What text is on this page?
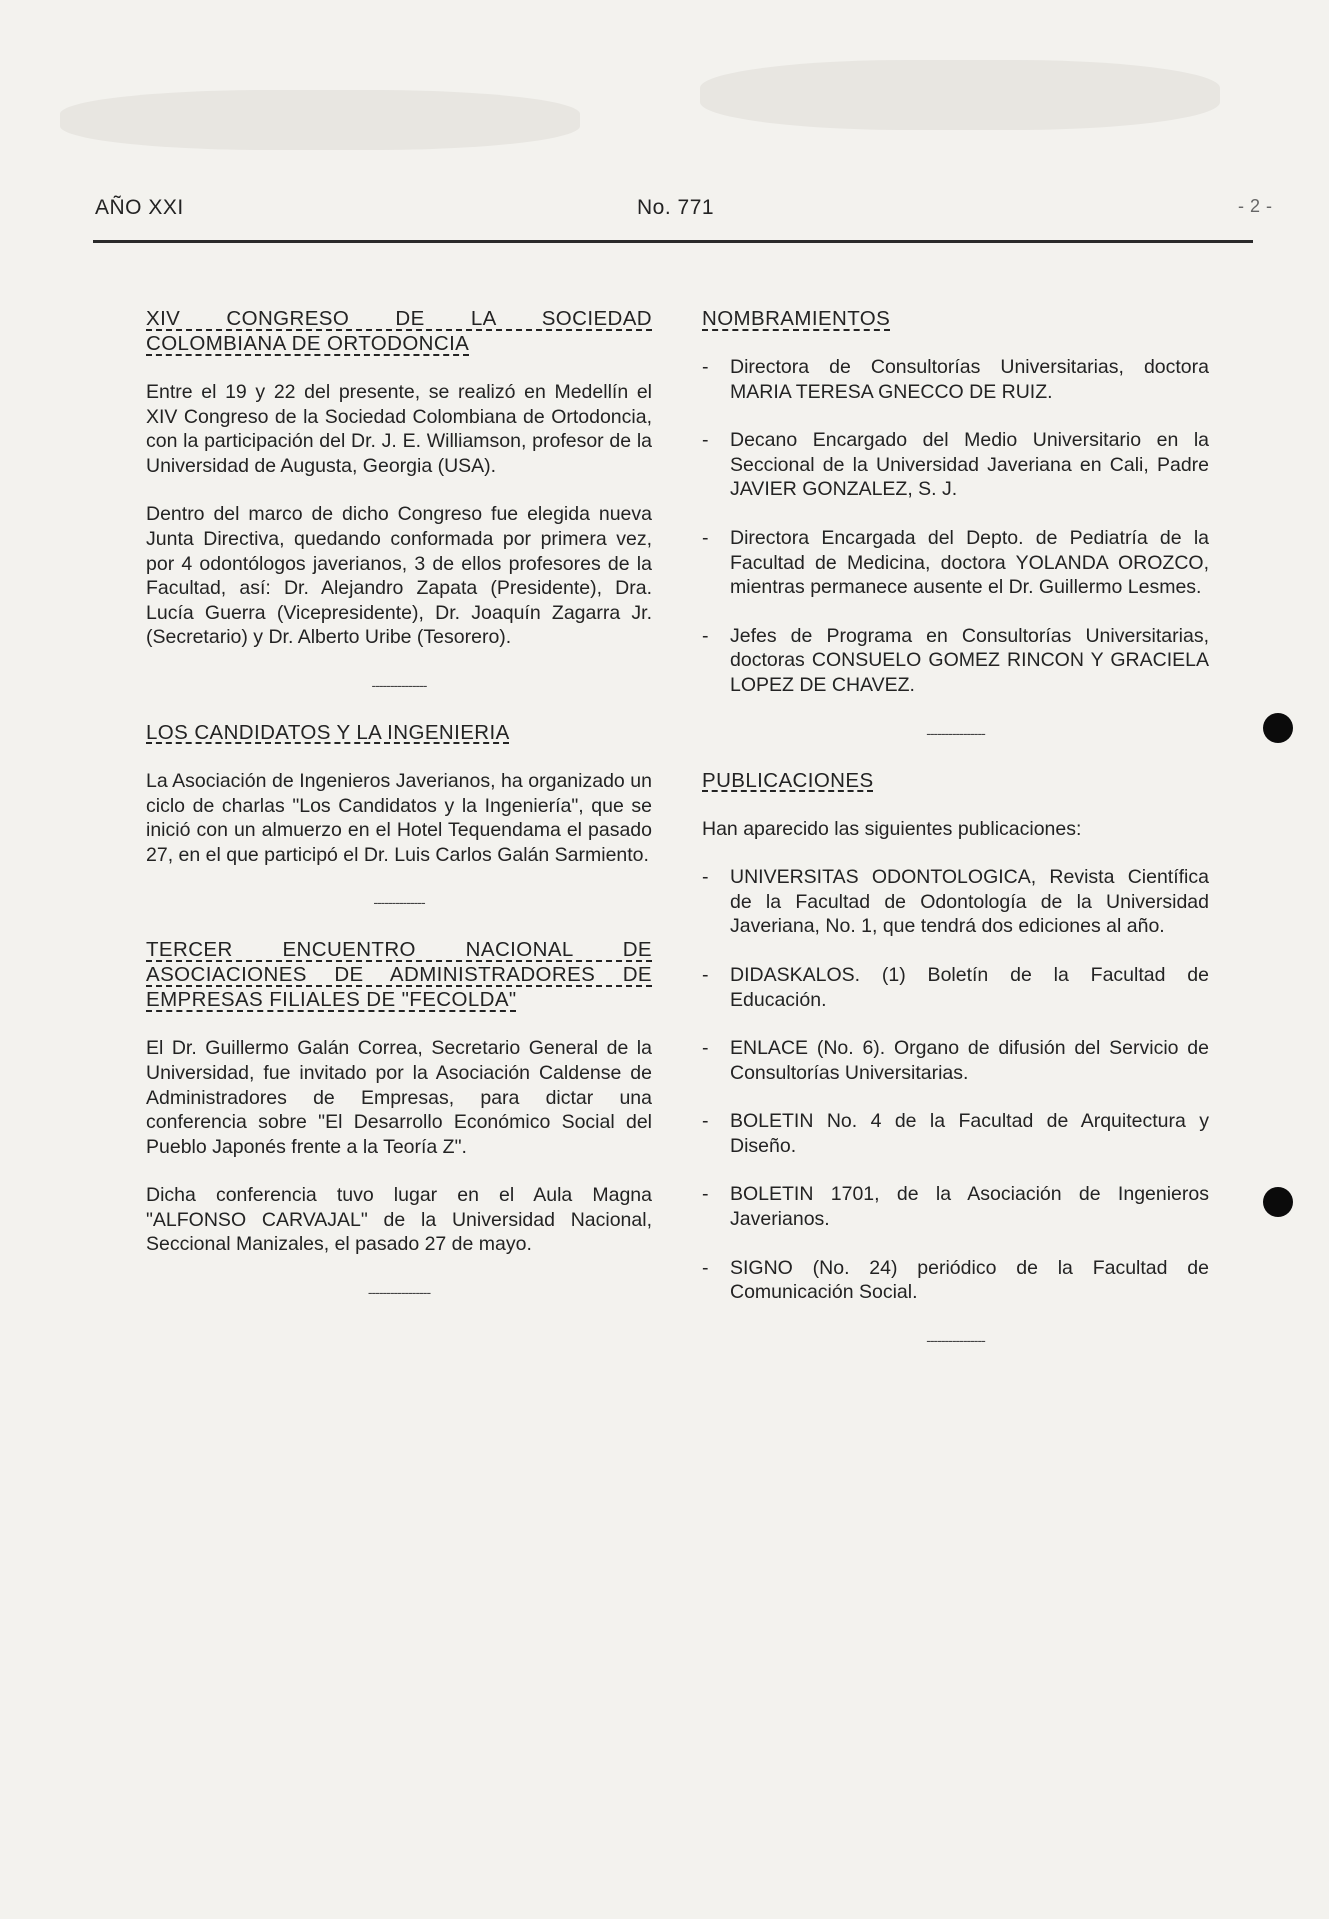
AÑO XXI	No. 771	- 2 -

XIV CONGRESO DE LA SOCIEDAD

COLOMBIANA DE ORTODONCIA

Entre el 19 y 22 del presente, se realizó en Medellín el XIV Congreso de la Sociedad Colombiana de Ortodoncia, con la participación del Dr. J. E. Williamson, profesor de la Universidad de Augusta, Georgia (USA).

Dentro del marco de dicho Congreso fue elegida nueva Junta Directiva, quedando conformada por primera vez, por 4 odontólogos javerianos, 3 de ellos profesores de la Facultad, así: Dr. Alejandro Zapata (Presidente), Dra. Lucía Guerra (Vicepresidente), Dr. Joaquín Zagarra Jr. (Secretario) y Dr. Alberto Uribe (Tesorero).

---------------

LOS CANDIDATOS Y LA INGENIERIA

La Asociación de Ingenieros Javerianos, ha organizado un ciclo de charlas "Los Candidatos y la Ingeniería", que se inició con un almuerzo en el Hotel Tequendama el pasado 27, en el que participó el Dr. Luis Carlos Galán Sarmiento.

--------------

TERCER ENCUENTRO NACIONAL DE
ASOCIACIONES DE ADMINISTRADORES DE

EMPRESAS FILIALES DE "FECOLDA"

El Dr. Guillermo Galán Correa, Secretario General de la Universidad, fue invitado por la Asociación Caldense de Administradores de Empresas, para dictar una conferencia sobre "El Desarrollo Económico Social del Pueblo Japonés frente a la Teoría Z".

Dicha conferencia tuvo lugar en el Aula Magna "ALFONSO CARVAJAL" de la Universidad Nacional, Seccional Manizales, el pasado 27 de mayo.

-----------------

NOMBRAMIENTOS

- Directora de Consultorías Universitarias, doctora MARIA TERESA GNECCO DE RUIZ.
- Decano Encargado del Medio Universitario en la Seccional de la Universidad Javeriana en Cali, Padre JAVIER GONZALEZ, S. J.
- Directora Encargada del Depto. de Pediatría de la Facultad de Medicina, doctora YOLANDA OROZCO, mientras permanece ausente el Dr. Guillermo Lesmes.
- Jefes de Programa en Consultorías Universitarias, doctoras CONSUELO GOMEZ RINCON Y GRACIELA LOPEZ DE CHAVEZ.
----------------

PUBLICACIONES

Han aparecido las siguientes publicaciones:

- UNIVERSITAS ODONTOLOGICA, Revista Científica de la Facultad de Odontología de la Universidad Javeriana, No. 1, que tendrá dos ediciones al año.
- DIDASKALOS. (1) Boletín de la Facultad de Educación.
- ENLACE (No. 6). Organo de difusión del Servicio de Consultorías Universitarias.
- BOLETIN No. 4 de la Facultad de Arquitectura y Diseño.
- BOLETIN 1701, de la Asociación de Ingenieros Javerianos.
- SIGNO (No. 24) periódico de la Facultad de Comunicación Social.
----------------
